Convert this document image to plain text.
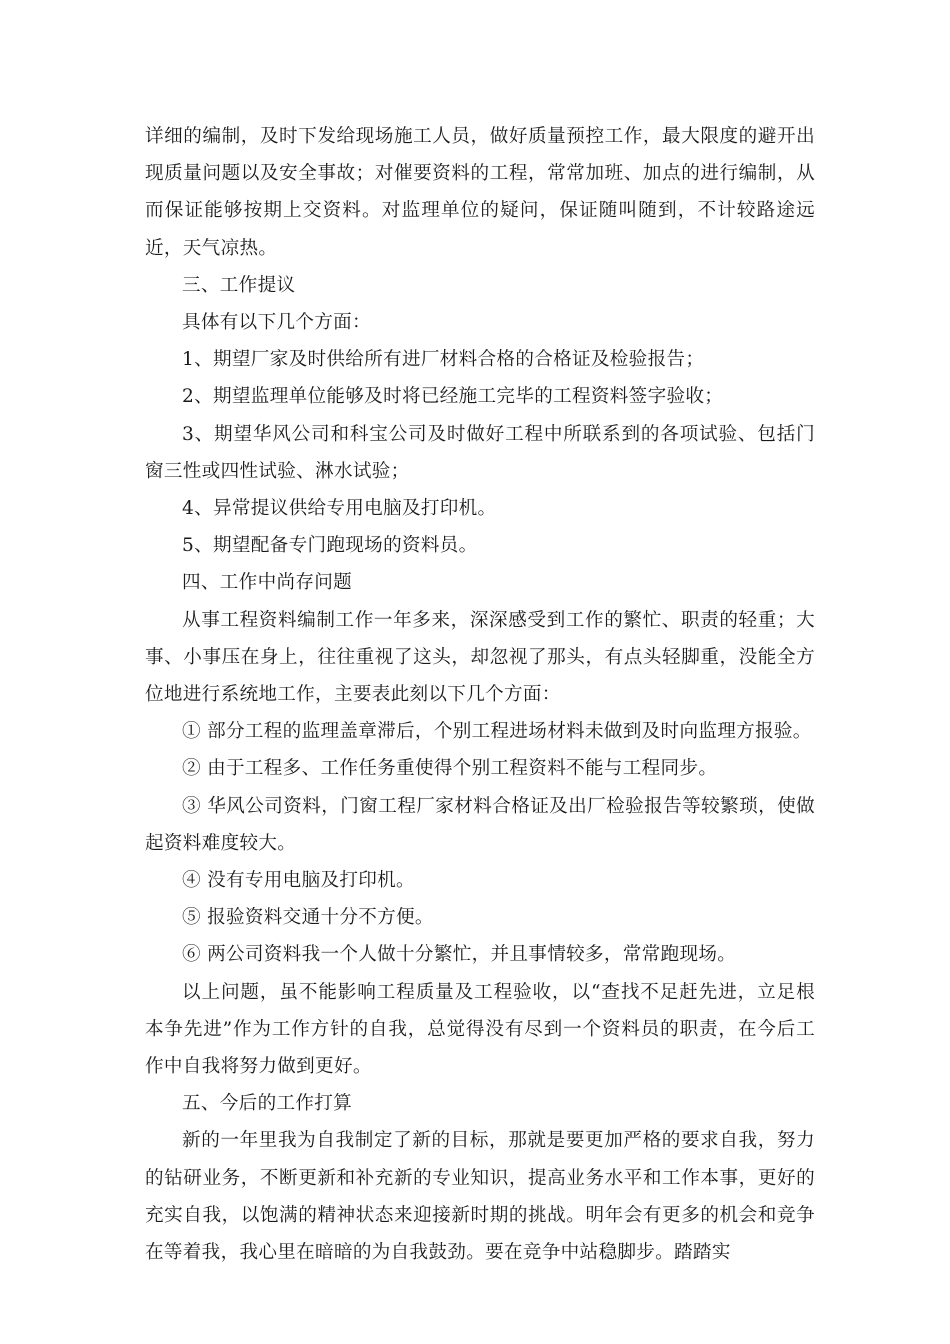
详细的编制，及时下发给现场施工人员，做好质量预控工作，最大限度的避开出现质量问题以及安全事故；对催要资料的工程，常常加班、加点的进行编制，从而保证能够按期上交资料。对监理单位的疑问，保证随叫随到，不计较路途远近，天气凉热。

三、工作提议

具体有以下几个方面：

1、期望厂家及时供给所有进厂材料合格的合格证及检验报告；

2、期望监理单位能够及时将已经施工完毕的工程资料签字验收；

3、期望华风公司和科宝公司及时做好工程中所联系到的各项试验、包括门窗三性或四性试验、淋水试验；

4、异常提议供给专用电脑及打印机。

5、期望配备专门跑现场的资料员。

四、工作中尚存问题

从事工程资料编制工作一年多来，深深感受到工作的繁忙、职责的轻重；大事、小事压在身上，往往重视了这头，却忽视了那头，有点头轻脚重，没能全方位地进行系统地工作，主要表此刻以下几个方面：

① 部分工程的监理盖章滞后，个别工程进场材料未做到及时向监理方报验。

② 由于工程多、工作任务重使得个别工程资料不能与工程同步。

③ 华风公司资料，门窗工程厂家材料合格证及出厂检验报告等较繁琐，使做起资料难度较大。

④ 没有专用电脑及打印机。

⑤ 报验资料交通十分不方便。

⑥ 两公司资料我一个人做十分繁忙，并且事情较多，常常跑现场。

以上问题，虽不能影响工程质量及工程验收，以“查找不足赶先进，立足根本争先进”作为工作方针的自我，总觉得没有尽到一个资料员的职责，在今后工作中自我将努力做到更好。

五、今后的工作打算

新的一年里我为自我制定了新的目标，那就是要更加严格的要求自我，努力的钻研业务，不断更新和补充新的专业知识，提高业务水平和工作本事，更好的充实自我，以饱满的精神状态来迎接新时期的挑战。明年会有更多的机会和竞争在等着我，我心里在暗暗的为自我鼓劲。要在竞争中站稳脚步。踏踏实
